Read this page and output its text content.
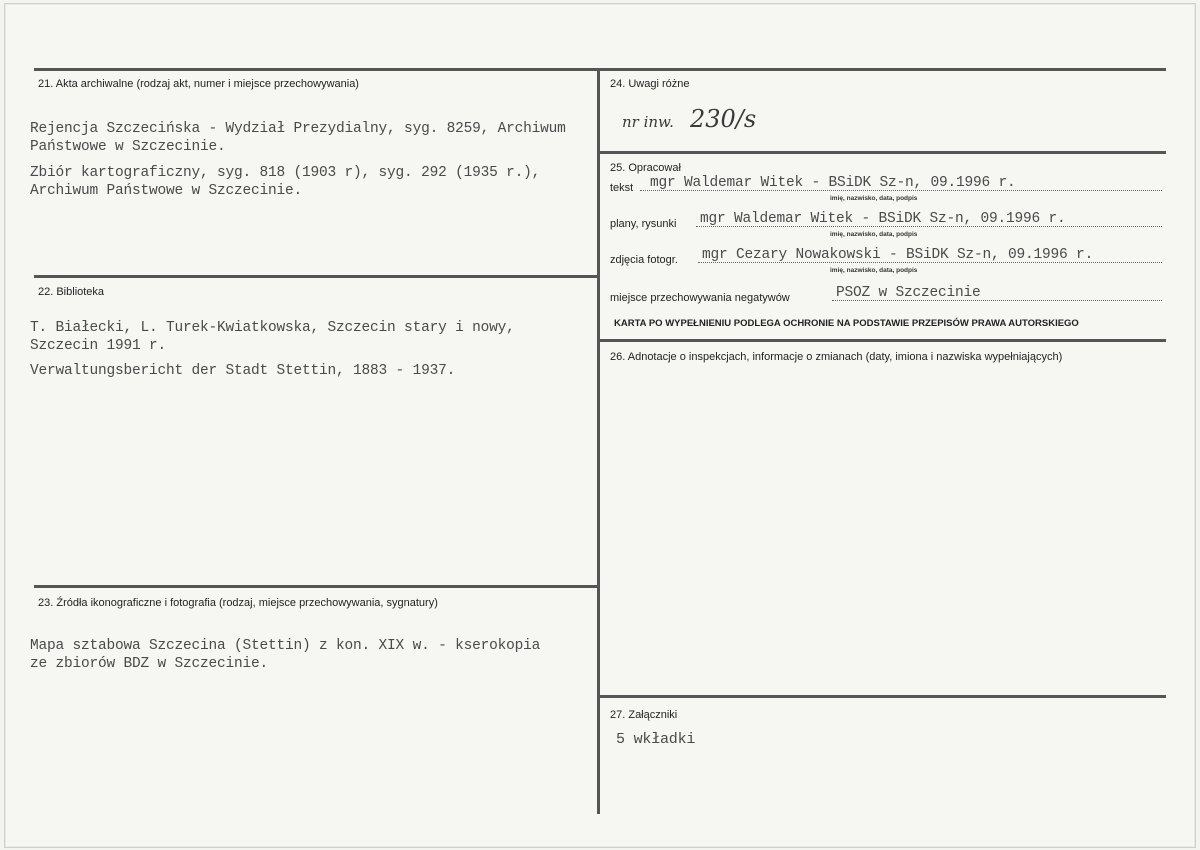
21. Akta archiwalne (rodzaj akt, numer i miejsce przechowywania)
Rejencja Szczecińska - Wydział Prezydialny, syg. 8259, Archiwum
Państwowe w Szczecinie.
Zbiór kartograficzny, syg. 818 (1903 r), syg. 292 (1935 r.),
Archiwum Państwowe w Szczecinie.
22. Biblioteka
T. Białecki, L. Turek-Kwiatkowska, Szczecin stary i nowy,
Szczecin 1991 r.
Verwaltungsbericht der Stadt Stettin, 1883 - 1937.
23. Źródła ikonograficzne i fotografia (rodzaj, miejsce przechowywania, sygnatury)
Mapa sztabowa Szczecina (Stettin) z kon. XIX w. - kserokopia
ze zbiorów BDZ w Szczecinie.
24. Uwagi różne
nr inw. 230/s
25. Opracował
tekst mgr Waldemar Witek - BSiDK Sz-n, 09.1996 r.
imię, nazwisko, data, podpis
plany, rysunki mgr Waldemar Witek - BSiDK Sz-n, 09.1996 r.
imię, nazwisko, data, podpis
zdjęcia fotogr. mgr Cezary Nowakowski - BSiDK Sz-n, 09.1996 r.
imię, nazwisko, data, podpis
miejsce przechowywania negatywów	PSOZ w Szczecinie
KARTA PO WYPEŁNIENIU PODLEGA OCHRONIE NA PODSTAWIE PRZEPISÓW PRAWA AUTORSKIEGO
26. Adnotacje o inspekcjach, informacje o zmianach (daty, imiona i nazwiska wypełniających)
27. Załączniki
5 wkładki
